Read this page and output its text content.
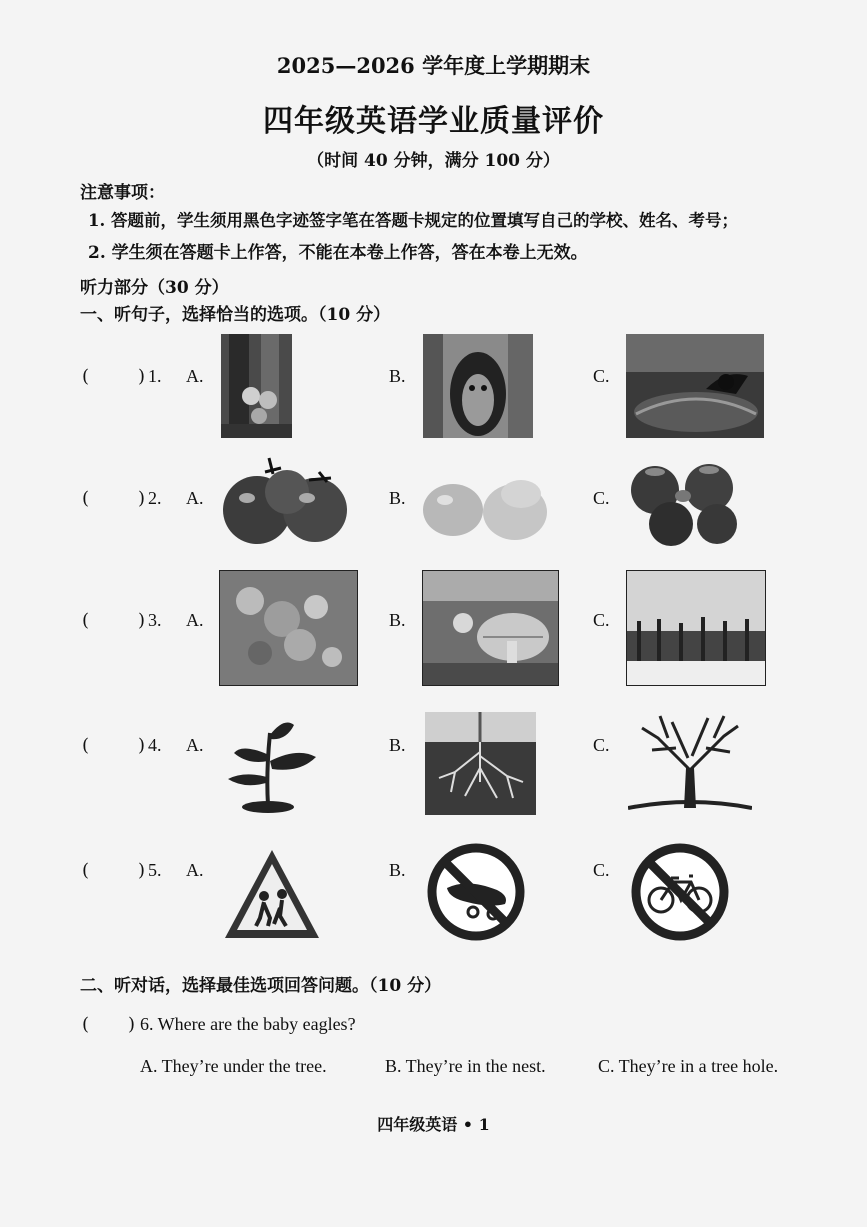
2025—2026 学年度上学期期末
四年级英语学业质量评价
（时间 40 分钟，满分 100 分）
注意事项：
1. 答题前，学生须用黑色字迹签字笔在答题卡规定的位置填写自己的学校、姓名、考号；
2. 学生须在答题卡上作答，不能在本卷上作答，答在本卷上无效。
听力部分（30 分）
一、听句子，选择恰当的选项。（10 分）
(	) 1. A.	B.	C.
(	) 2. A.	B.	C.
(	) 3. A.	B.	C.
(	) 4. A.	B.	C.
(	) 5. A.	B.	C.
二、听对话，选择最佳选项回答问题。（10 分）
( ) 6. Where are the baby eagles?
A. They’re under the tree.	B. They’re in the nest.	C. They’re in a tree hole.
四年级英语 • 1
